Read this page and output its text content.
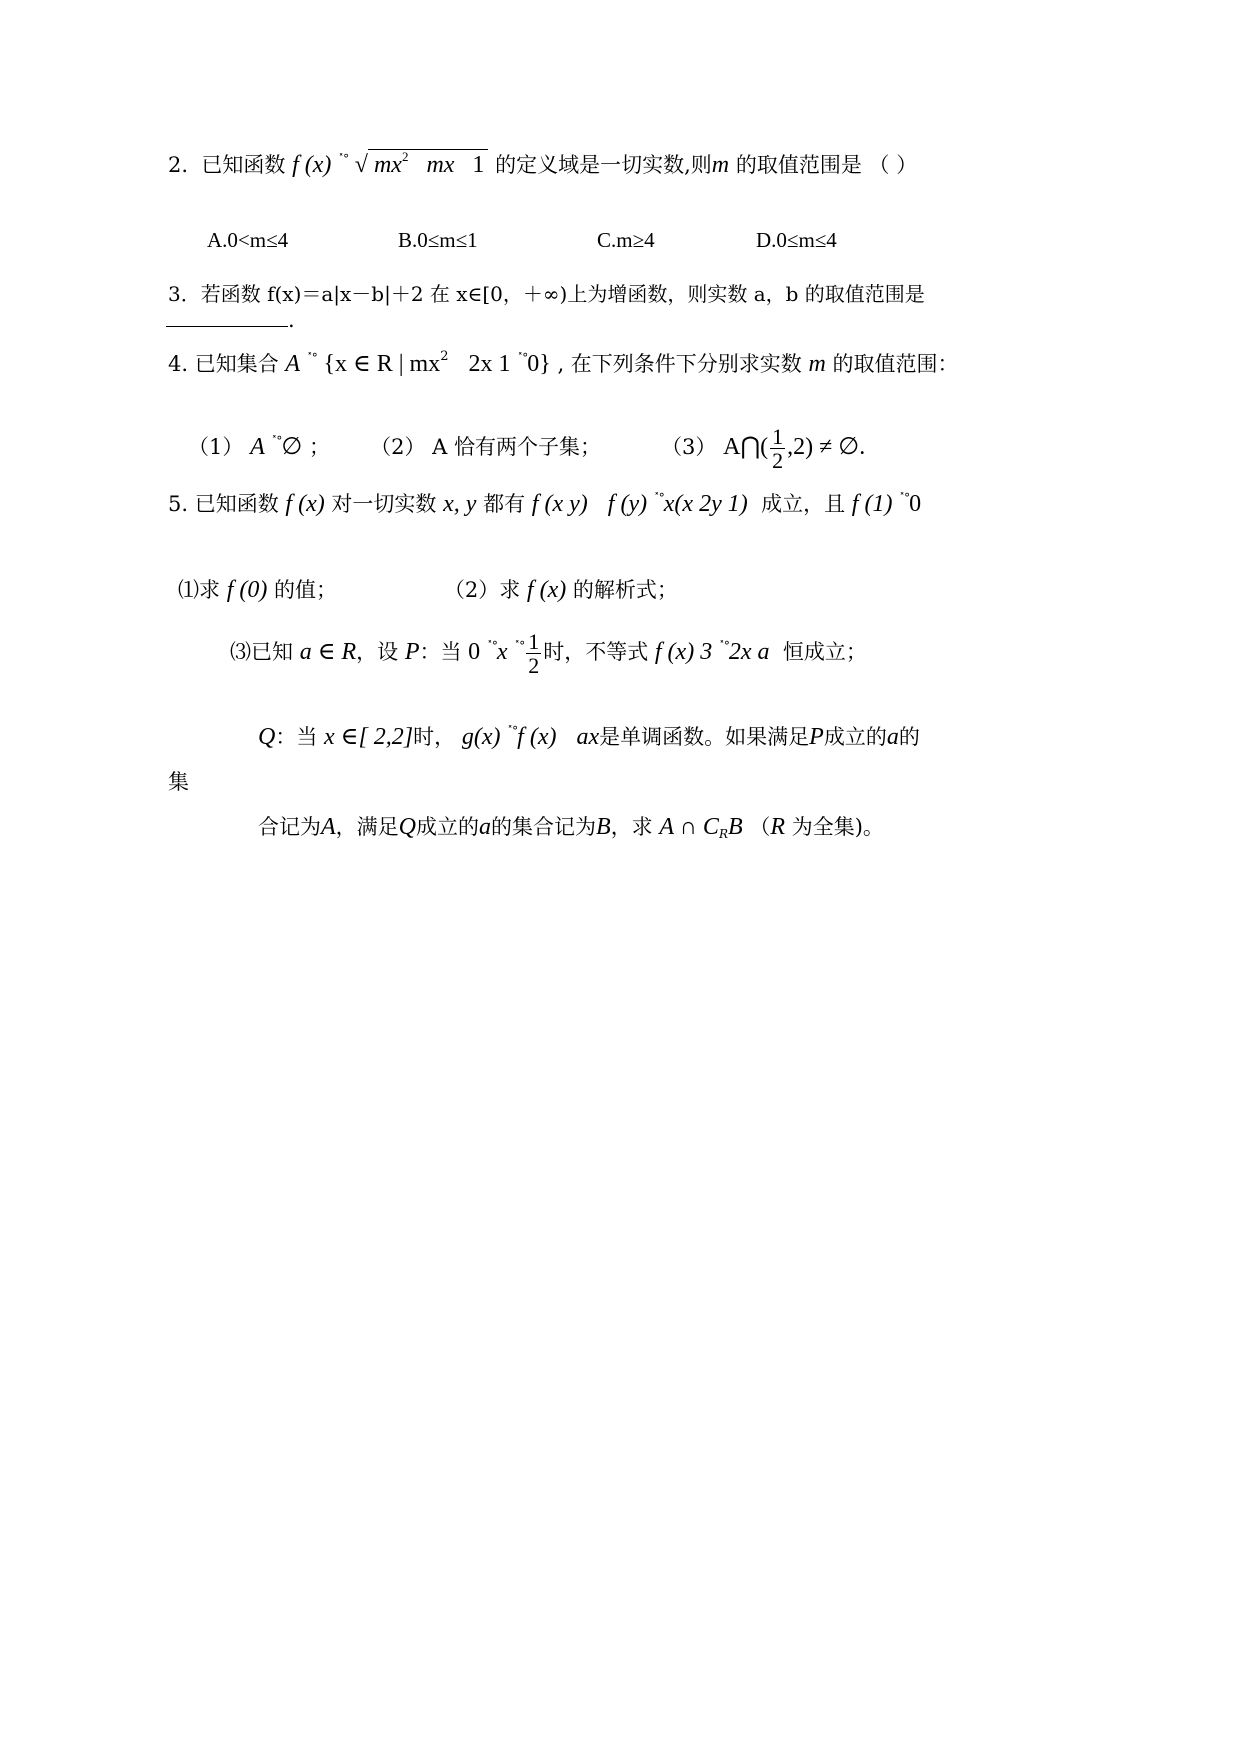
2. 已知函数 f (x) ˟° √ $mx^2$ mx 1 的定义域是一切实数,则m 的取值范围是 （ ）
A.0<m≤4	B.0≤m≤1	C.m≥4	D.0≤m≤4
3．若函数 f(x)＝a|x－b|＋2 在 x∈[0，＋∞)上为增函数，则实数 a，b 的取值范围是
.
4. 已知集合 A ˟° {x ∈ R | $mx^2$ 2x 1 ˟°0} , 在下列条件下分别求实数 m 的取值范围：
（1） A ˟°∅ ； （2） A 恰有两个子集；	（3） A⋂( $\frac{1}{2} ,2$) ≠ ∅.
5. 已知函数 f (x) 对一切实数 x, y 都有 f (x y) f (y) ˟°x(x 2y 1) 成立，且 f (1) ˟°0
⑴求 f (0) 的值；	（2）求 f (x) 的解析式；
⑶已知 a ∈ R，设 P：当 0 ˟°x $^{˟^\circ} \frac{1}{2}$ 时，不等式 f (x) 3 ˟°2x a 恒成立；
Q：当 x ∈[ 2,2]时， g(x) ˟°f (x) ax是单调函数。如果满足P成立的a的
集
合记为A，满足Q成立的a的集合记为B，求 A ∩ $C_RB$ （R 为全集)。
